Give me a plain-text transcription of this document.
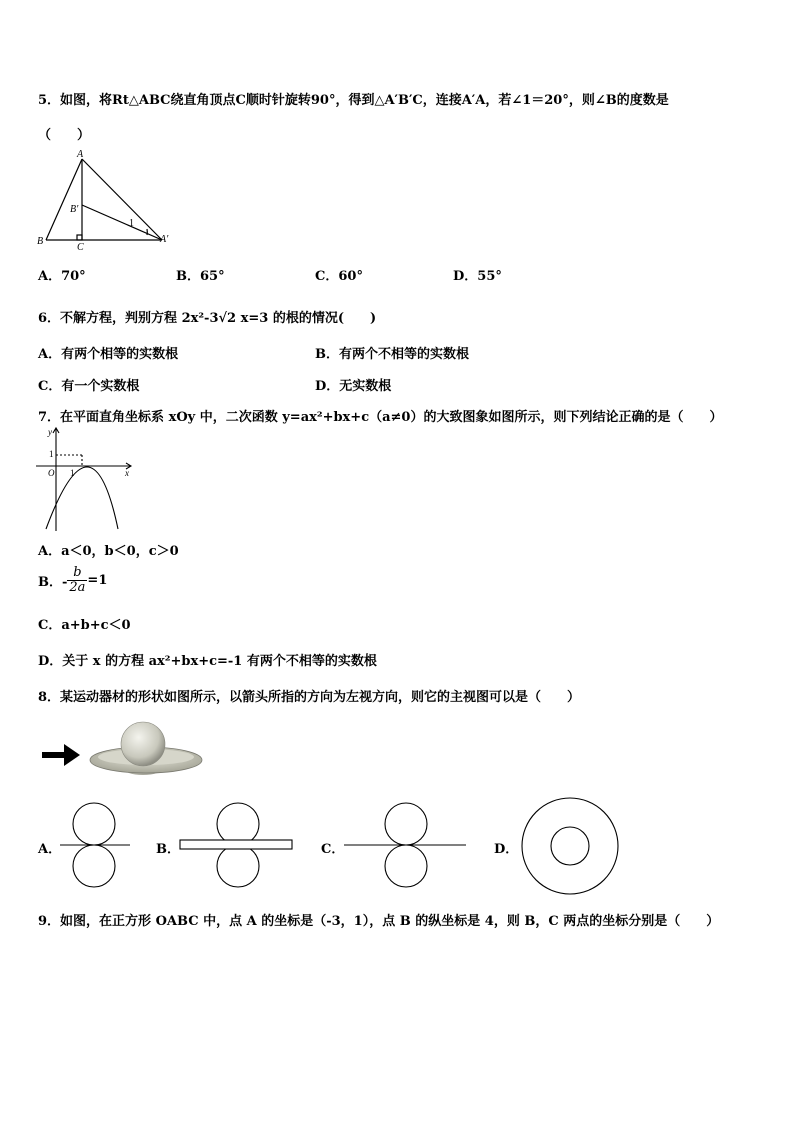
5．如图，将Rt△ABC绕直角顶点C顺时针旋转90°，得到△A′B′C，连接A′A，若∠1＝20°，则∠B的度数是
（　　）
A
B′
B
C
A′
1
A．70°	B．65°	C．60°	D．55°
6．不解方程，判别方程 2x²-3√2 x=3 的根的情况(　　)
A．有两个相等的实数根	B．有两个不相等的实数根
C．有一个实数根	D．无实数根
7．在平面直角坐标系 xOy 中，二次函数 y=ax²+bx+c（a≠0）的大致图象如图所示，则下列结论正确的是（　　）
y
x
O 1
1
A．a＜0，b＜0，c＞0
B．- $\frac{b}{2a} =1$
C．a+b+c＜0
D．关于 x 的方程 ax²+bx+c=-1 有两个不相等的实数根
8．某运动器材的形状如图所示，以箭头所指的方向为左视方向，则它的主视图可以是（　　）
A．	B．	C．	D．
9．如图，在正方形 OABC 中，点 A 的坐标是（-3，1），点 B 的纵坐标是 4，则 B，C 两点的坐标分别是（　　）
